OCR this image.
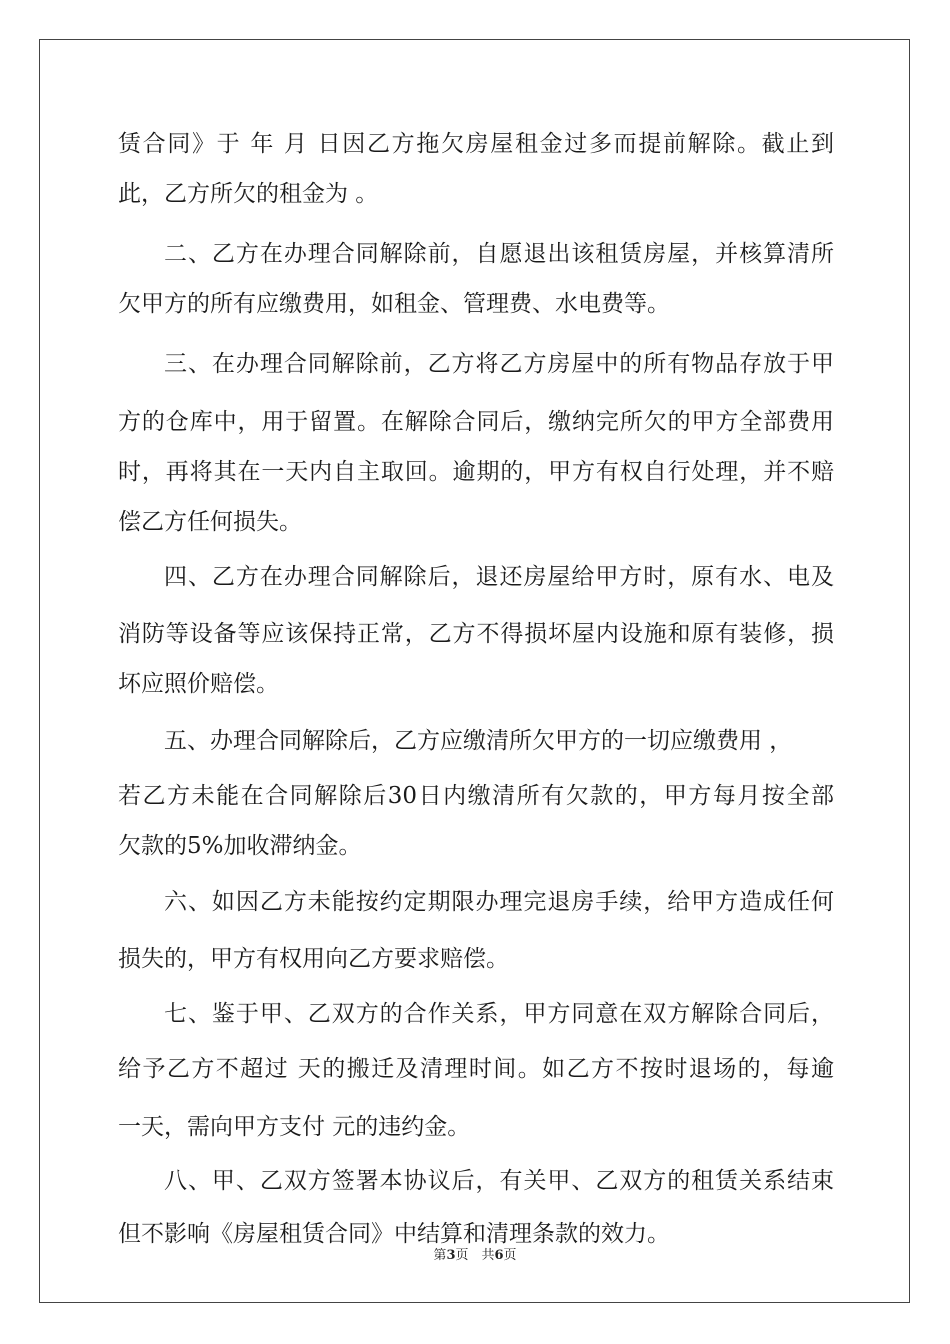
赁合同》于 年 月 日因乙方拖欠房屋租金过多而提前解除。截止到
此，乙方所欠的租金为 。
二、乙方在办理合同解除前，自愿退出该租赁房屋，并核算清所
欠甲方的所有应缴费用，如租金、管理费、水电费等。
三、在办理合同解除前，乙方将乙方房屋中的所有物品存放于甲
方的仓库中，用于留置。在解除合同后，缴纳完所欠的甲方全部费用
时，再将其在一天内自主取回。逾期的，甲方有权自行处理，并不赔
偿乙方任何损失。
四、乙方在办理合同解除后，退还房屋给甲方时，原有水、电及
消防等设备等应该保持正常，乙方不得损坏屋内设施和原有装修，损
坏应照价赔偿。
五、办理合同解除后，乙方应缴清所欠甲方的一切应缴费用 ，
若乙方未能在合同解除后30日内缴清所有欠款的，甲方每月按全部
欠款的5%加收滞纳金。
六、如因乙方未能按约定期限办理完退房手续，给甲方造成任何
损失的，甲方有权用向乙方要求赔偿。
七、鉴于甲、乙双方的合作关系，甲方同意在双方解除合同后，
给予乙方不超过 天的搬迁及清理时间。如乙方不按时退场的，每逾
一天，需向甲方支付 元的违约金。
八、甲、乙双方签署本协议后，有关甲、乙双方的租赁关系结束
但不影响《房屋租赁合同》中结算和清理条款的效力。
第3页　共6页
